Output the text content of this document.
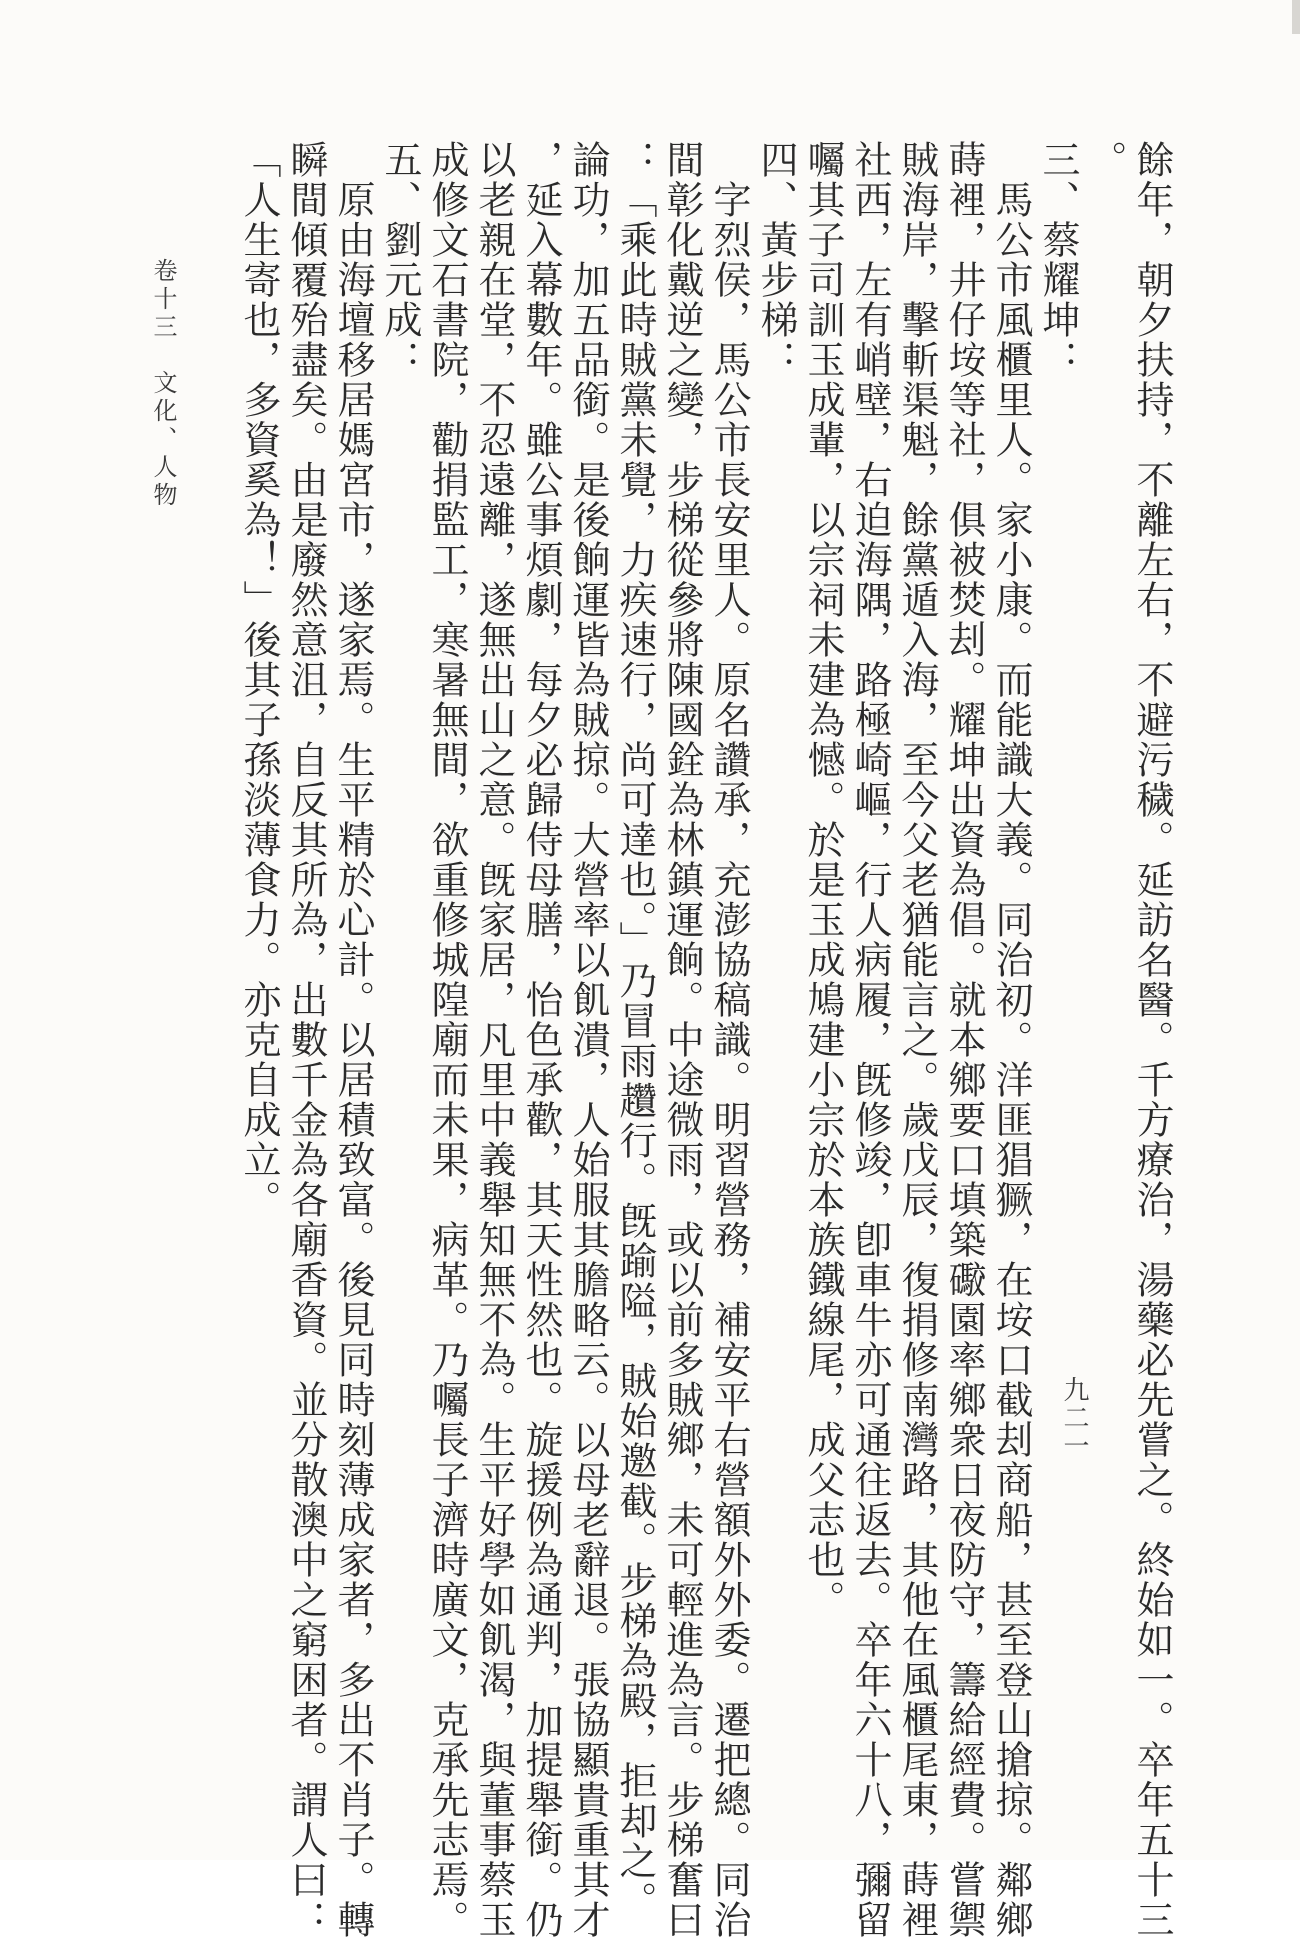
餘年，朝夕扶持，不離左右，不避污穢。延訪名醫。千方療治，湯藥必先嘗之。終始如一。卒年五十三
。
三、蔡耀坤：
　馬公市風櫃里人。家小康。而能識大義。同治初。洋匪猖獗，在垵口截刦商船，甚至登山搶掠。鄰鄉
蒔裡，井仔垵等社，俱被焚刦。耀坤出資為倡。就本鄉要口填築礮園率鄉衆日夜防守，籌給經費。嘗禦
賊海岸，擊斬渠魁，餘黨遁入海，至今父老猶能言之。歲戊辰，復捐修南灣路，其他在風櫃尾東，蒔裡
社西，左有峭壁，右迫海隅，路極崎嶇，行人病履，旣修竣，卽車牛亦可通往返去。卒年六十八，彌留
囑其子司訓玉成輩，以宗祠未建為憾。於是玉成鳩建小宗於本族鐵線尾，成父志也。
四、黃步梯：
　字烈侯，馬公市長安里人。原名讚承，充澎協稿識。明習營務，補安平右營額外外委。遷把總。同治
間彰化戴逆之變，步梯從參將陳國銓為林鎮運餉。中途微雨，或以前多賊鄉，未可輕進為言。步梯奮曰
：「乘此時賊黨未覺，力疾速行，尚可達也。」乃冒雨趲行。旣踰隘，賊始邀截。步梯為殿，拒却之。
論功，加五品銜。是後餉運皆為賊掠。大營率以飢潰，人始服其膽略云。以母老辭退。張協顯貴重其才
，延入幕數年。雖公事煩劇，每夕必歸侍母膳，怡色承歡，其天性然也。旋援例為通判，加提舉銜。仍
以老親在堂，不忍遠離，遂無出山之意。旣家居，凡里中義舉知無不為。生平好學如飢渴，與董事蔡玉
成修文石書院，勸捐監工，寒暑無間，欲重修城隍廟而未果，病革。乃囑長子濟時廣文，克承先志焉。
五、劉元成：
　原由海壇移居媽宮市，遂家焉。生平精於心計。以居積致富。後見同時刻薄成家者，多出不肖子。轉
瞬間傾覆殆盡矣。由是廢然意沮，自反其所為，出數千金為各廟香資。並分散澳中之窮困者。謂人曰：
「人生寄也，多資奚為！」後其子孫淡薄食力。亦克自成立。
卷十三　文化、人物
九二一
